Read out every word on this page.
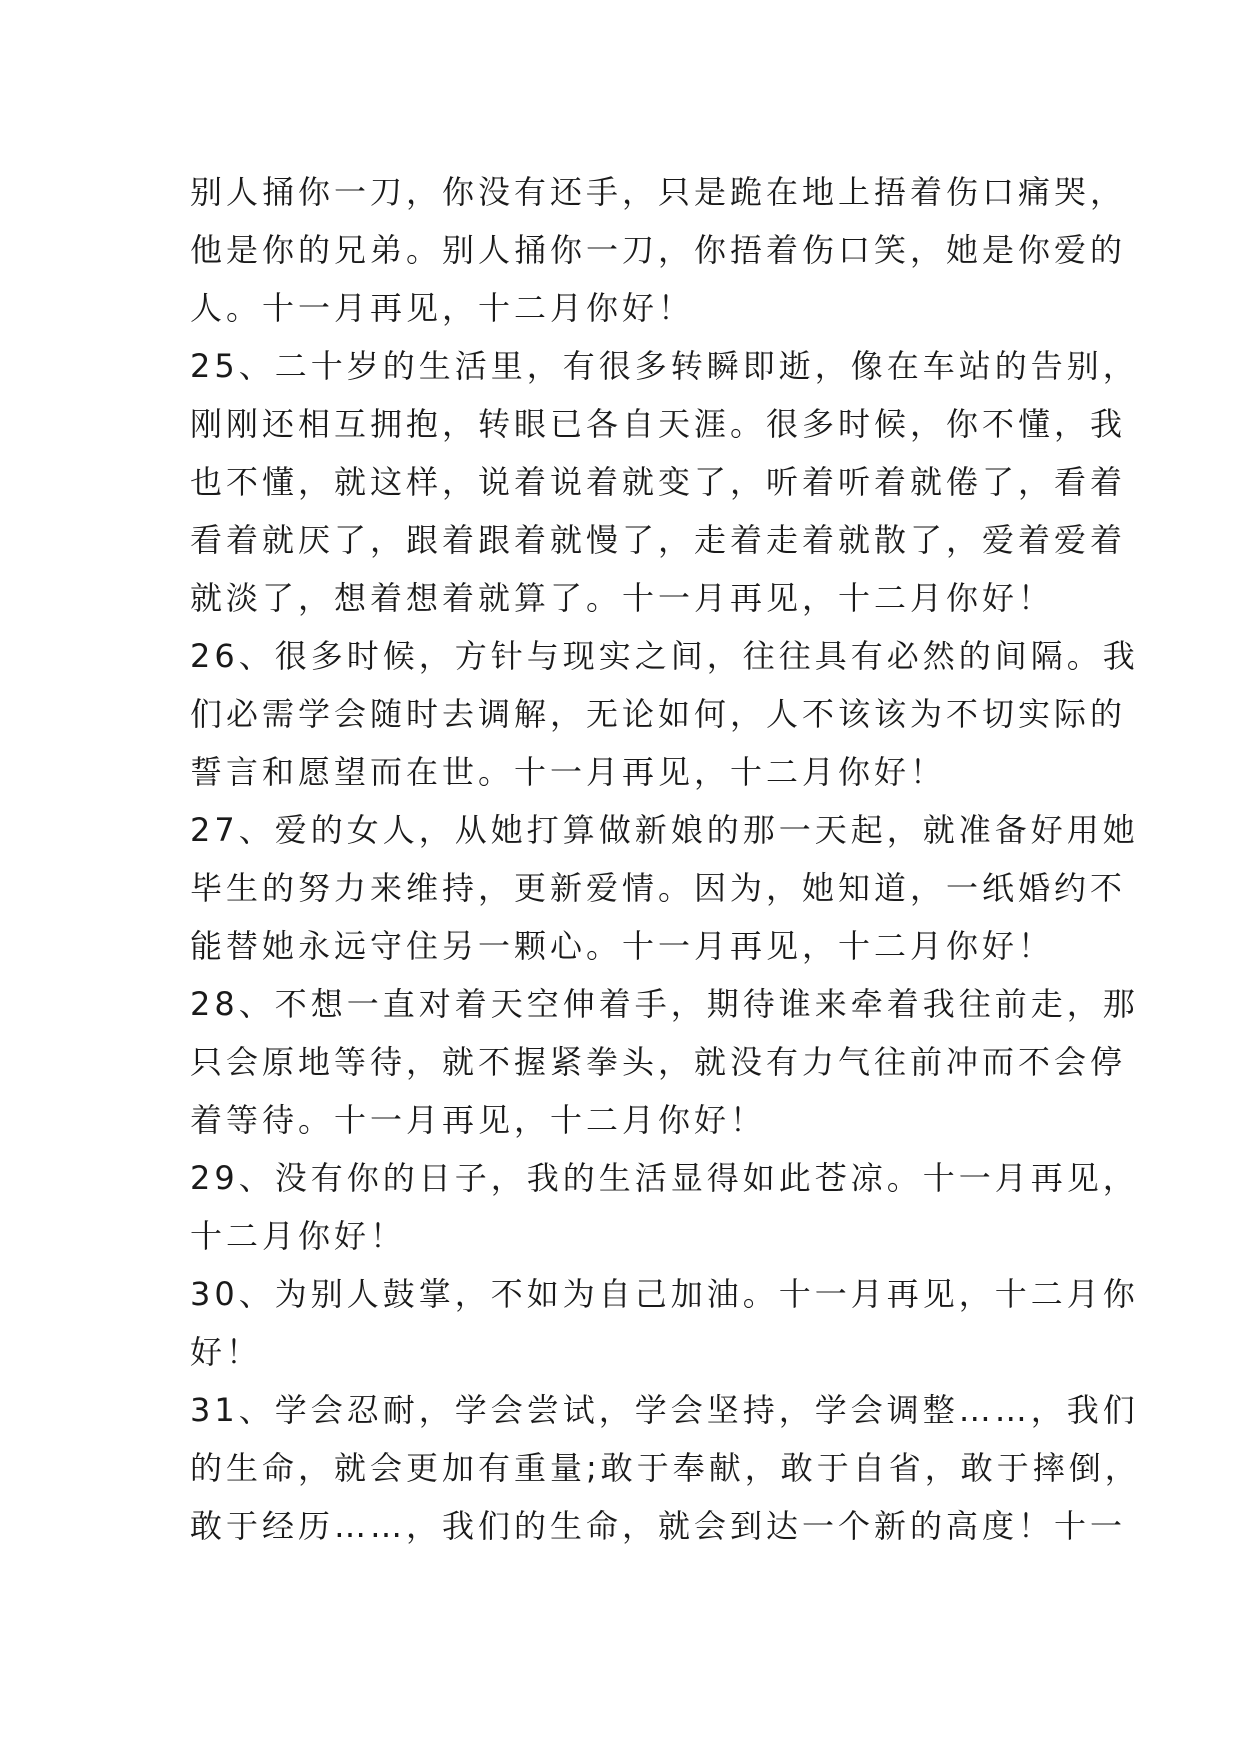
别人捅你一刀，你没有还手，只是跪在地上捂着伤口痛哭，
他是你的兄弟。别人捅你一刀，你捂着伤口笑，她是你爱的
人。十一月再见，十二月你好！
25、二十岁的生活里，有很多转瞬即逝，像在车站的告别，
刚刚还相互拥抱，转眼已各自天涯。很多时候，你不懂，我
也不懂，就这样，说着说着就变了，听着听着就倦了，看着
看着就厌了，跟着跟着就慢了，走着走着就散了，爱着爱着
就淡了，想着想着就算了。十一月再见，十二月你好！
26、很多时候，方针与现实之间，往往具有必然的间隔。我
们必需学会随时去调解，无论如何，人不该该为不切实际的
誓言和愿望而在世。十一月再见，十二月你好！
27、爱的女人，从她打算做新娘的那一天起，就准备好用她
毕生的努力来维持，更新爱情。因为，她知道，一纸婚约不
能替她永远守住另一颗心。十一月再见，十二月你好！
28、不想一直对着天空伸着手，期待谁来牵着我往前走，那
只会原地等待，就不握紧拳头，就没有力气往前冲而不会停
着等待。十一月再见，十二月你好！
29、没有你的日子，我的生活显得如此苍凉。十一月再见，
十二月你好！
30、为别人鼓掌，不如为自己加油。十一月再见，十二月你
好！
31、学会忍耐，学会尝试，学会坚持，学会调整……，我们
的生命，就会更加有重量;敢于奉献，敢于自省，敢于摔倒，
敢于经历……，我们的生命，就会到达一个新的高度！十一
